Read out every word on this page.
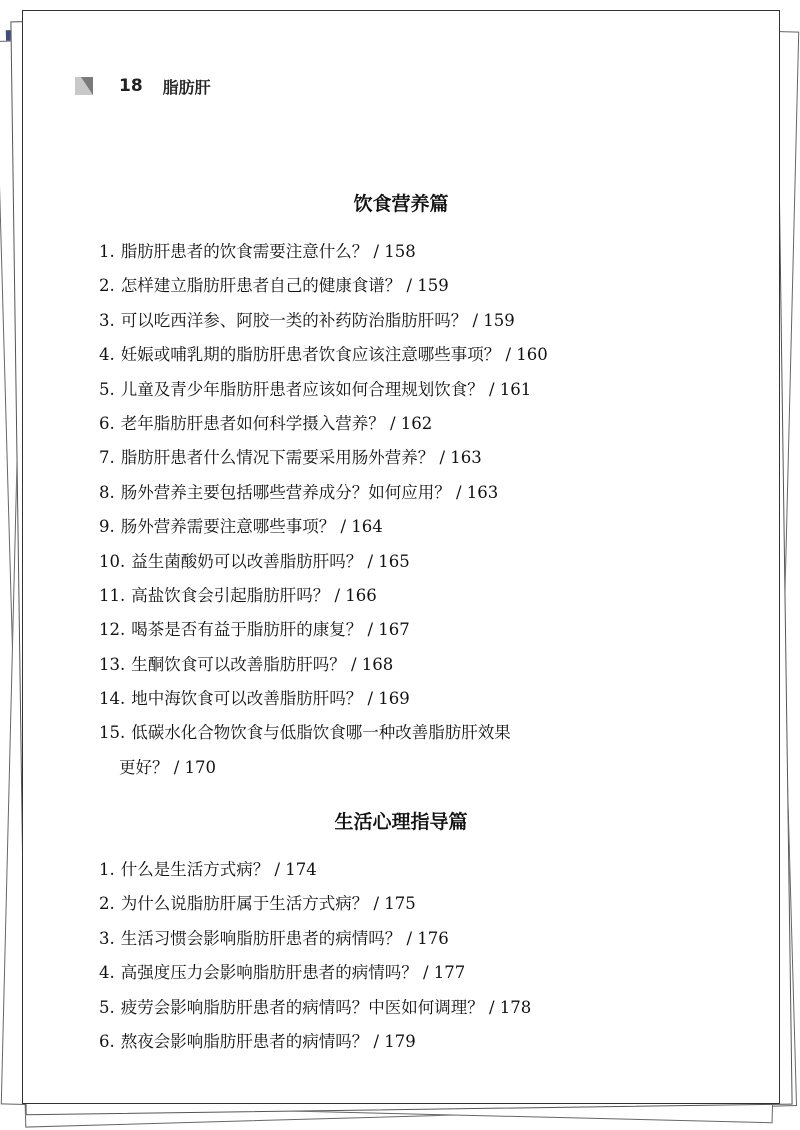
18 脂肪肝
饮食营养篇
1. 脂肪肝患者的饮食需要注意什么？ / 158
2. 怎样建立脂肪肝患者自己的健康食谱？ / 159
3. 可以吃西洋参、阿胶一类的补药防治脂肪肝吗？ / 159
4. 妊娠或哺乳期的脂肪肝患者饮食应该注意哪些事项？ / 160
5. 儿童及青少年脂肪肝患者应该如何合理规划饮食？ / 161
6. 老年脂肪肝患者如何科学摄入营养？ / 162
7. 脂肪肝患者什么情况下需要采用肠外营养？ / 163
8. 肠外营养主要包括哪些营养成分？如何应用？ / 163
9. 肠外营养需要注意哪些事项？ / 164
10. 益生菌酸奶可以改善脂肪肝吗？ / 165
11. 高盐饮食会引起脂肪肝吗？ / 166
12. 喝茶是否有益于脂肪肝的康复？ / 167
13. 生酮饮食可以改善脂肪肝吗？ / 168
14. 地中海饮食可以改善脂肪肝吗？ / 169
15. 低碳水化合物饮食与低脂饮食哪一种改善脂肪肝效果
更好？ / 170
生活心理指导篇
1. 什么是生活方式病？ / 174
2. 为什么说脂肪肝属于生活方式病？ / 175
3. 生活习惯会影响脂肪肝患者的病情吗？ / 176
4. 高强度压力会影响脂肪肝患者的病情吗？ / 177
5. 疲劳会影响脂肪肝患者的病情吗？中医如何调理？ / 178
6. 熬夜会影响脂肪肝患者的病情吗？ / 179
